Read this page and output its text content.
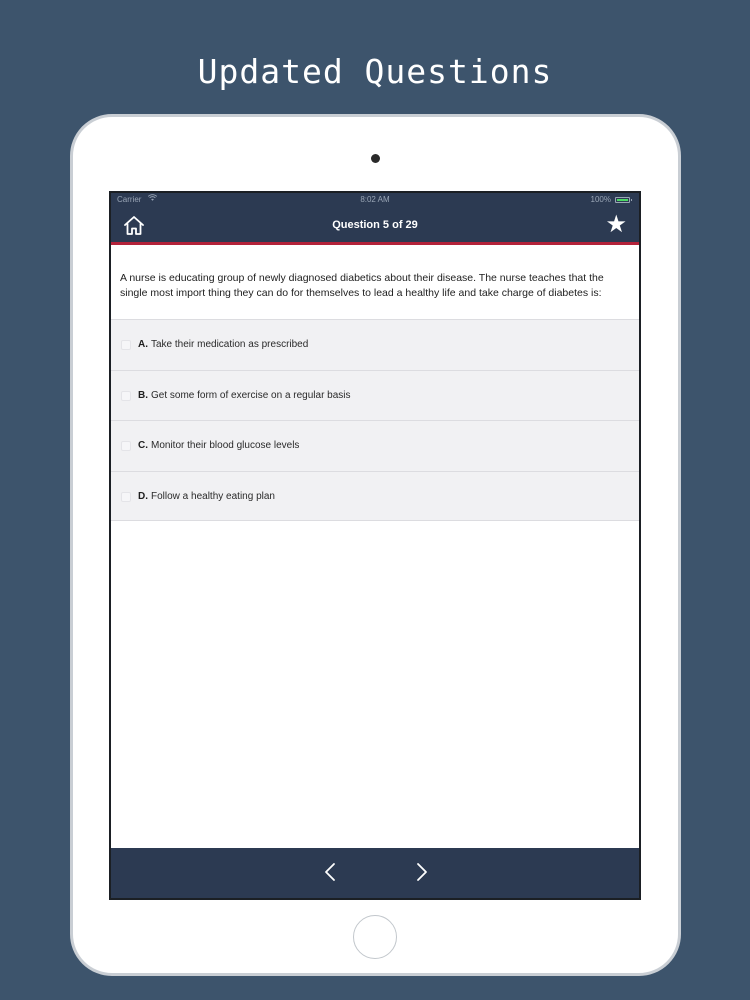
Updated Questions
Carrier	8:02 AM	100%
Question 5 of 29	★
A nurse is educating group of newly diagnosed diabetics about their disease. The nurse teaches that the single most import thing they can do for themselves to lead a healthy life and take charge of diabetes is:
A. Take their medication as prescribed
B. Get some form of exercise on a regular basis
C. Monitor their blood glucose levels
D. Follow a healthy eating plan
